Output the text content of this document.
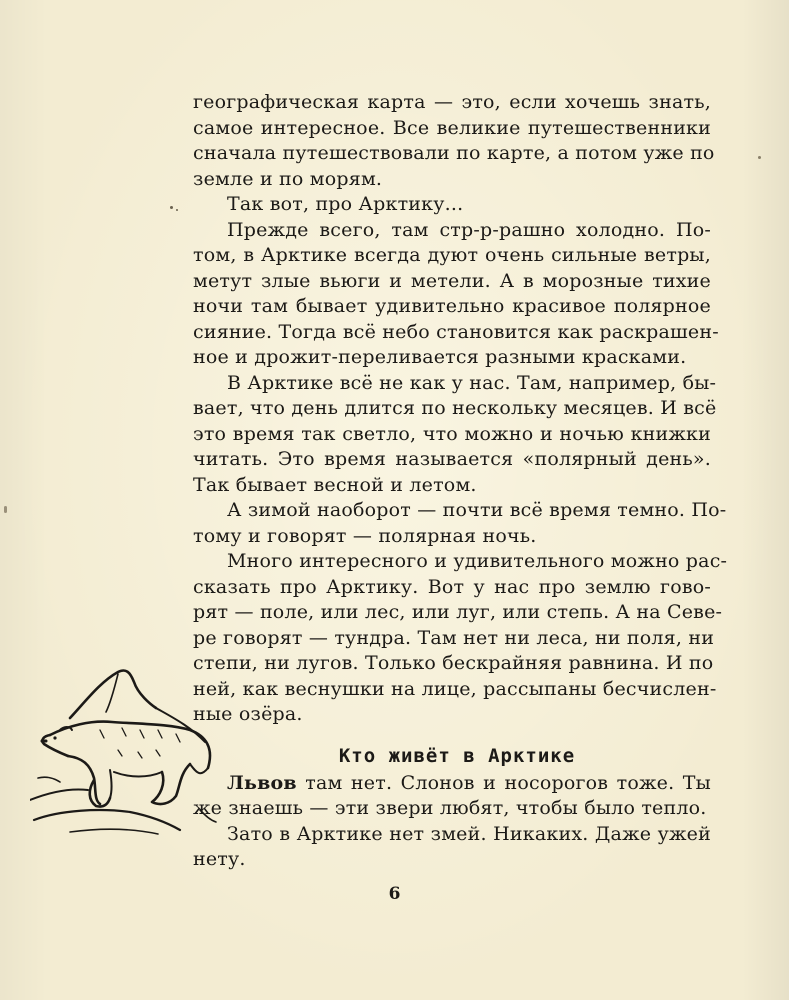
географическая карта — это, если хочешь знать,
самое интересное. Все великие путешественники
сначала путешествовали по карте, а потом уже по
земле и по морям.
Так вот, про Арктику...
Прежде всего, там стр-р-рашно холодно. По-
том, в Арктике всегда дуют очень сильные ветры,
метут злые вьюги и метели. А в морозные тихие
ночи там бывает удивительно красивое полярное
сияние. Тогда всё небо становится как раскрашен-
ное и дрожит-переливается разными красками.
В Арктике всё не как у нас. Там, например, бы-
вает, что день длится по нескольку месяцев. И всё
это время так светло, что можно и ночью книжки
читать. Это время называется «полярный день».
Так бывает весной и летом.
А зимой наоборот — почти всё время темно. По-
тому и говорят — полярная ночь.
Много интересного и удивительного можно рас-
сказать про Арктику. Вот у нас про землю гово-
рят — поле, или лес, или луг, или степь. А на Севе-
ре говорят — тундра. Там нет ни леса, ни поля, ни
степи, ни лугов. Только бескрайняя равнина. И по
ней, как веснушки на лице, рассыпаны бесчислен-
ные озёра.
Кто живёт в Арктике
Львов там нет. Слонов и носорогов тоже. Ты
же знаешь — эти звери любят, чтобы было тепло.
Зато в Арктике нет змей. Никаких. Даже ужей
нету.
6
